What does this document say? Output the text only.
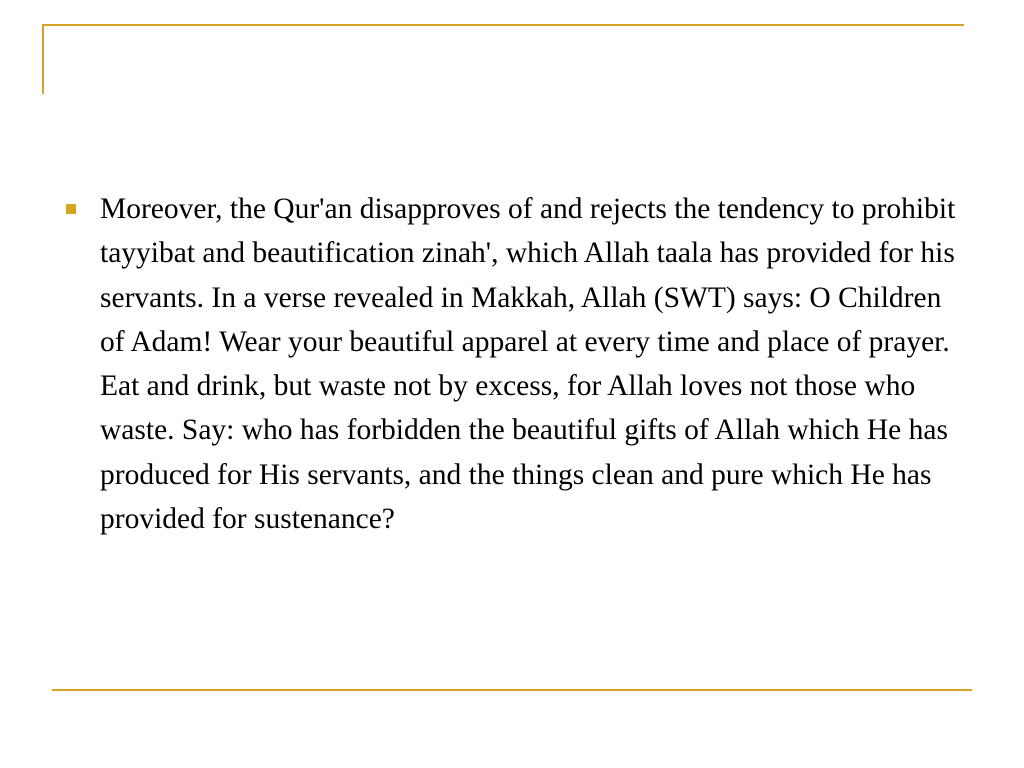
Moreover, the Qur'an disapproves of and rejects the tendency to prohibit tayyibat and beautification zinah', which Allah taala has provided for his servants. In a verse revealed in Makkah, Allah (SWT) says: O Children of Adam! Wear your beautiful apparel at every time and place of prayer. Eat and drink, but waste not by excess, for Allah loves not those who waste. Say: who has forbidden the beautiful gifts of Allah which He has produced for His servants, and the things clean and pure which He has provided for sustenance?
